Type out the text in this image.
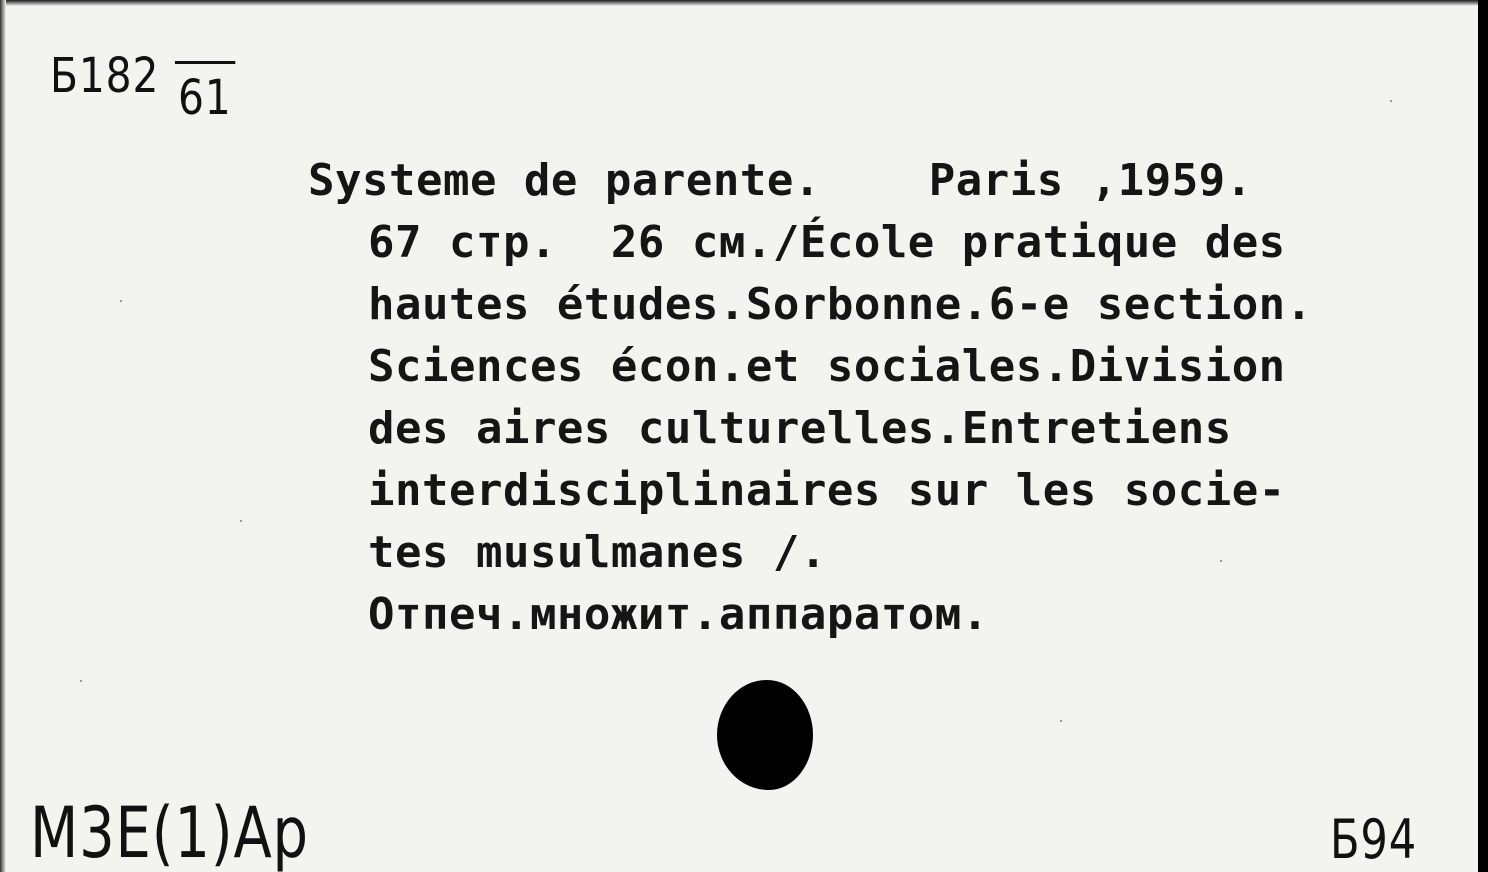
Б182 61
Systeme de parente.    Paris ,1959.
67 стр.  26 см./École pratique des
hautes études.Sorbonne.6-e section.
Sciences écon.et sociales.Division
des aires culturelles.Entretiens
interdisciplinaires sur les socie-
tes musulmanes /.
Отпеч.множит.аппаратом.
М3Е(1)Ар	Б94
